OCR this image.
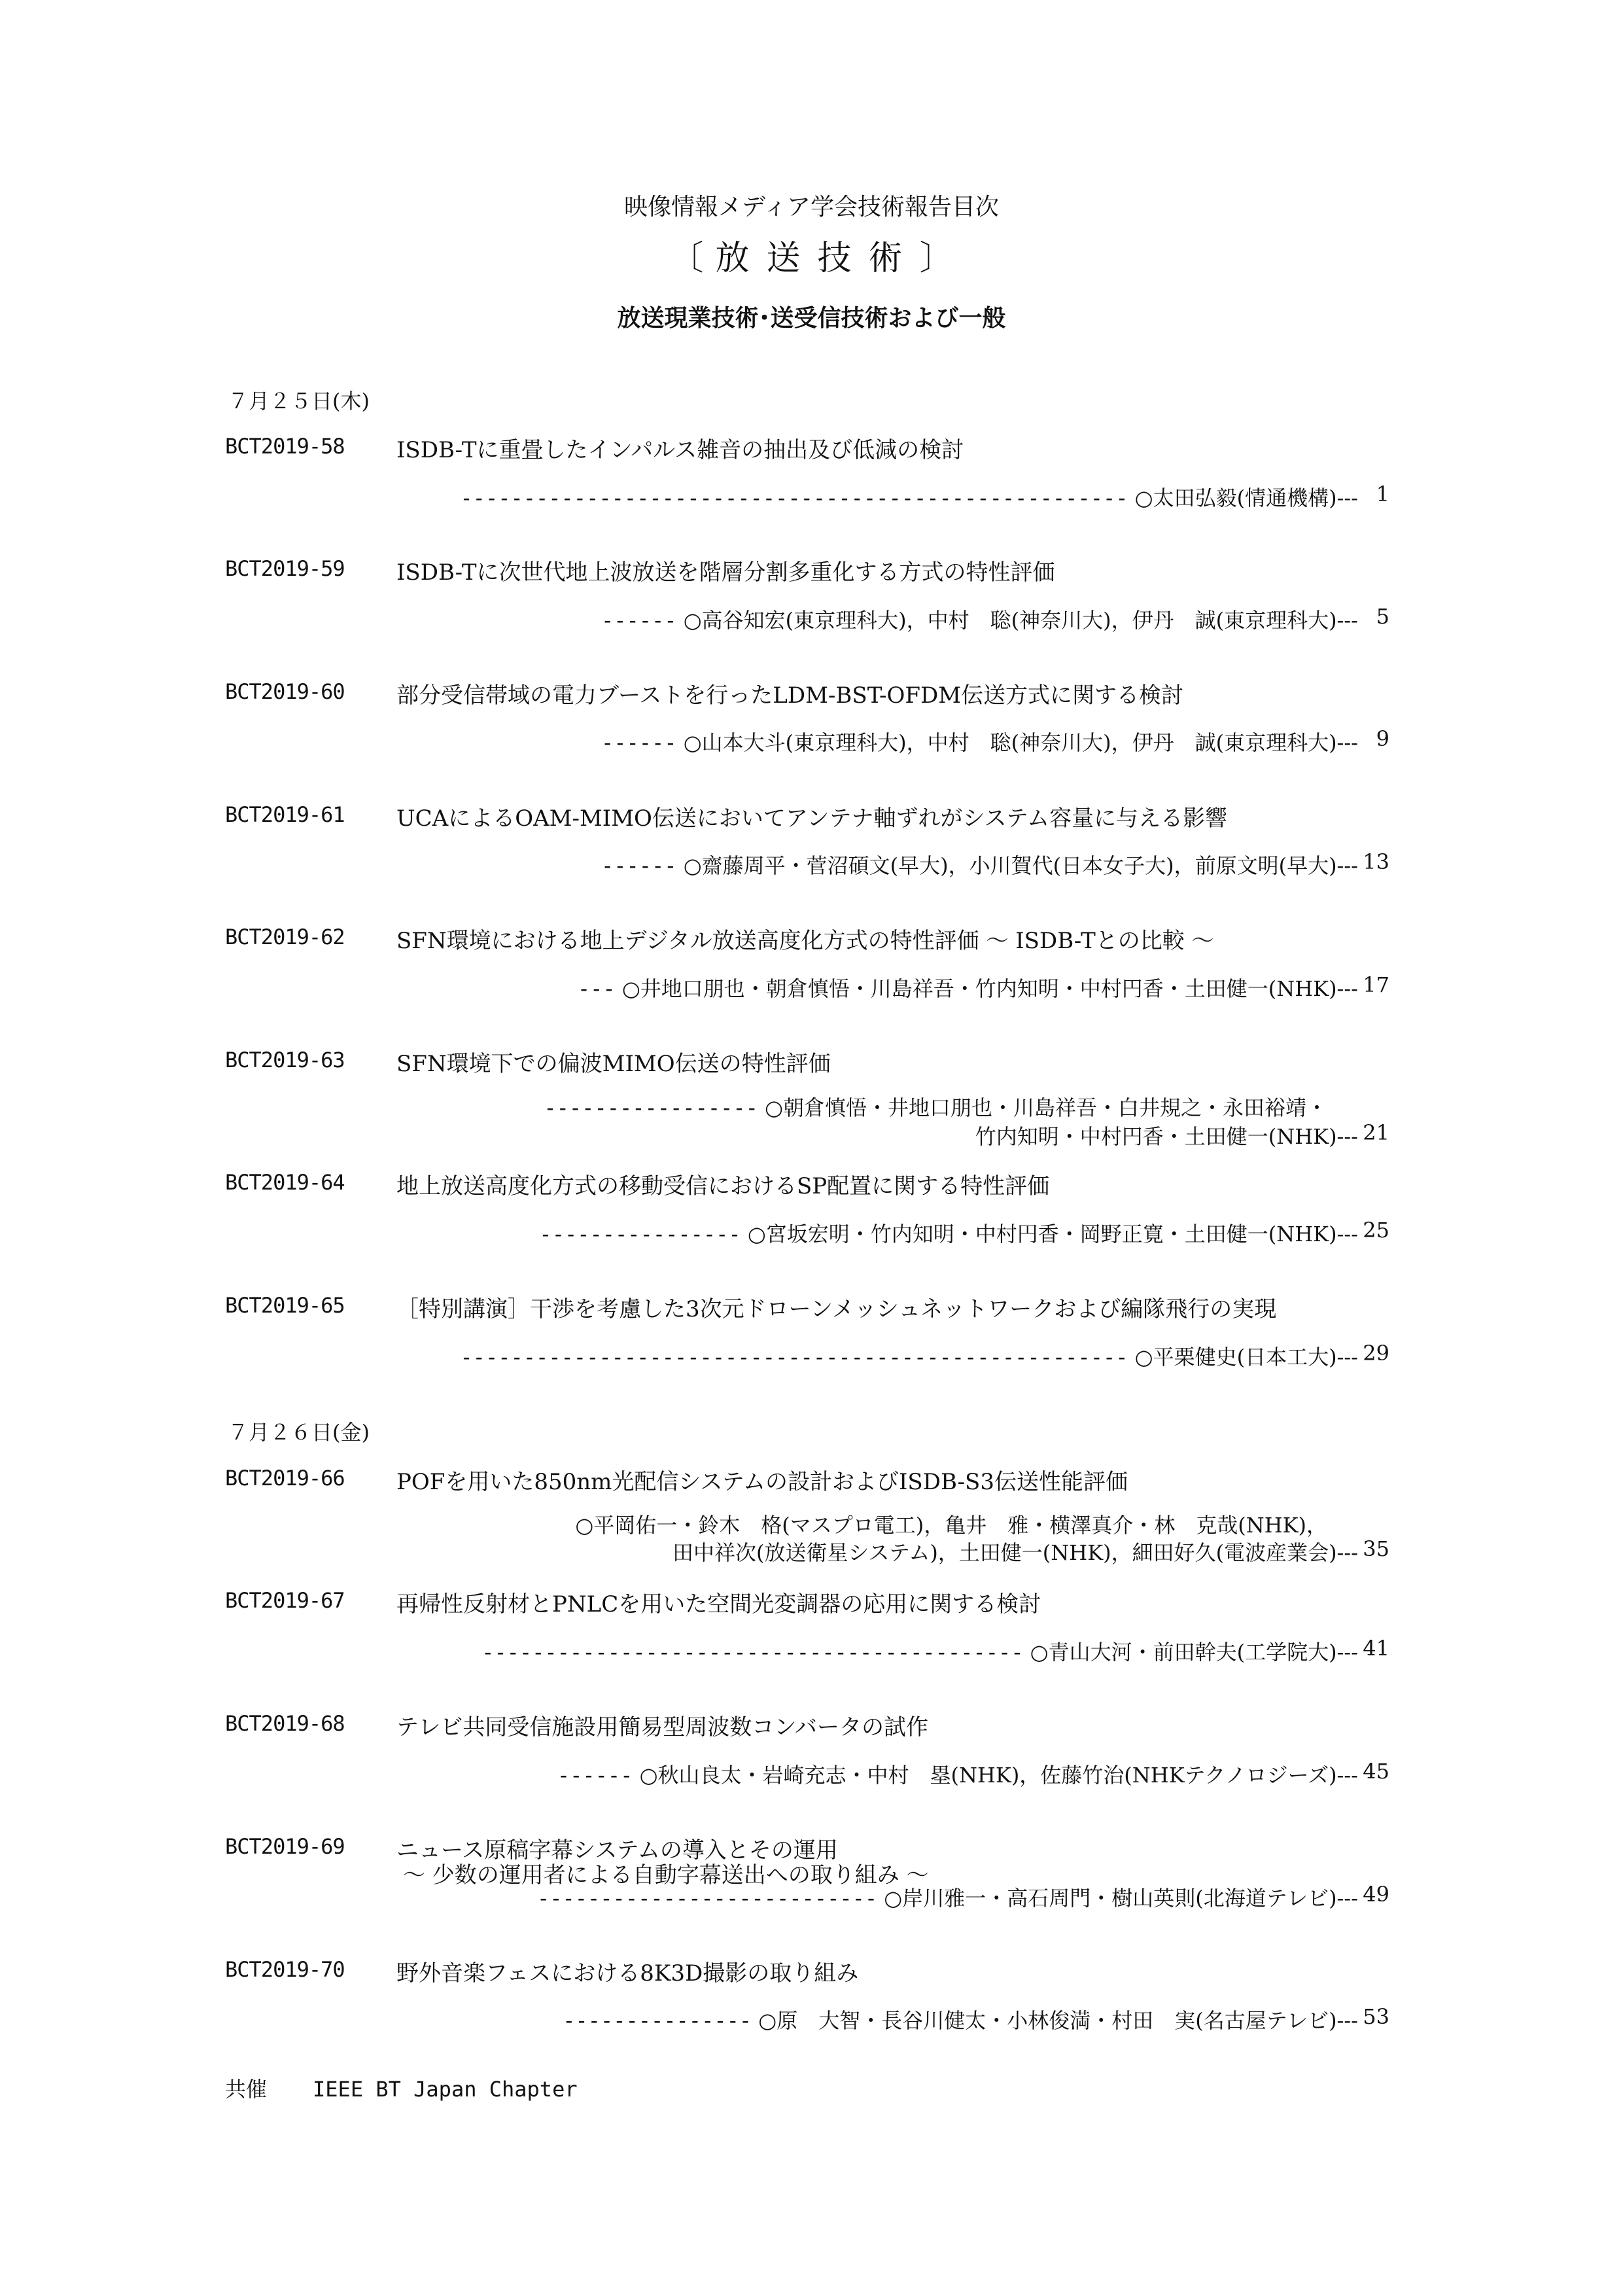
映像情報メディア学会技術報告目次
〔 放送技術〕
放送現業技術･送受信技術および一般
７月２５日(木)
BCT2019-58 ISDB-Tに重畳したインパルス雑音の抽出及び低減の検討
----------------------------------------------------- ○太田弘毅(情通機構)--- 1
BCT2019-59 ISDB-Tに次世代地上波放送を階層分割多重化する方式の特性評価
------ ○高谷知宏(東京理科大)，中村　聡(神奈川大)，伊丹　誠(東京理科大)--- 5
BCT2019-60 部分受信帯域の電力ブーストを行ったLDM-BST-OFDM伝送方式に関する検討
------ ○山本大斗(東京理科大)，中村　聡(神奈川大)，伊丹　誠(東京理科大)--- 9
BCT2019-61 UCAによるOAM-MIMO伝送においてアンテナ軸ずれがシステム容量に与える影響
------ ○齋藤周平・菅沼碩文(早大)，小川賀代(日本女子大)，前原文明(早大)--- 13
BCT2019-62 SFN環境における地上デジタル放送高度化方式の特性評価 ～ ISDB-Tとの比較 ～
--- ○井地口朋也・朝倉慎悟・川島祥吾・竹内知明・中村円香・土田健一(NHK)--- 17
BCT2019-63 SFN環境下での偏波MIMO伝送の特性評価
----------------- ○朝倉慎悟・井地口朋也・川島祥吾・白井規之・永田裕靖・
竹内知明・中村円香・土田健一(NHK)--- 21
BCT2019-64 地上放送高度化方式の移動受信におけるSP配置に関する特性評価
---------------- ○宮坂宏明・竹内知明・中村円香・岡野正寛・土田健一(NHK)--- 25
BCT2019-65 ［特別講演］干渉を考慮した3次元ドローンメッシュネットワークおよび編隊飛行の実現
----------------------------------------------------- ○平栗健史(日本工大)--- 29
７月２６日(金)
BCT2019-66 POFを用いた850nm光配信システムの設計およびISDB-S3伝送性能評価
○平岡佑一・鈴木　格(マスプロ電工)，亀井　雅・横澤真介・林　克哉(NHK)，
田中祥次(放送衛星システム)，土田健一(NHK)，細田好久(電波産業会)--- 35
BCT2019-67 再帰性反射材とPNLCを用いた空間光変調器の応用に関する検討
------------------------------------------- ○青山大河・前田幹夫(工学院大)--- 41
BCT2019-68 テレビ共同受信施設用簡易型周波数コンバータの試作
------ ○秋山良太・岩崎充志・中村　塁(NHK)，佐藤竹治(NHKテクノロジーズ)--- 45
BCT2019-69 ニュース原稿字幕システムの導入とその運用
～ 少数の運用者による自動字幕送出への取り組み ～
--------------------------- ○岸川雅一・高石周門・樹山英則(北海道テレビ)--- 49
BCT2019-70 野外音楽フェスにおける8K3D撮影の取り組み
--------------- ○原　大智・長谷川健太・小林俊満・村田　実(名古屋テレビ)--- 53
共催 IEEE BT Japan Chapter
